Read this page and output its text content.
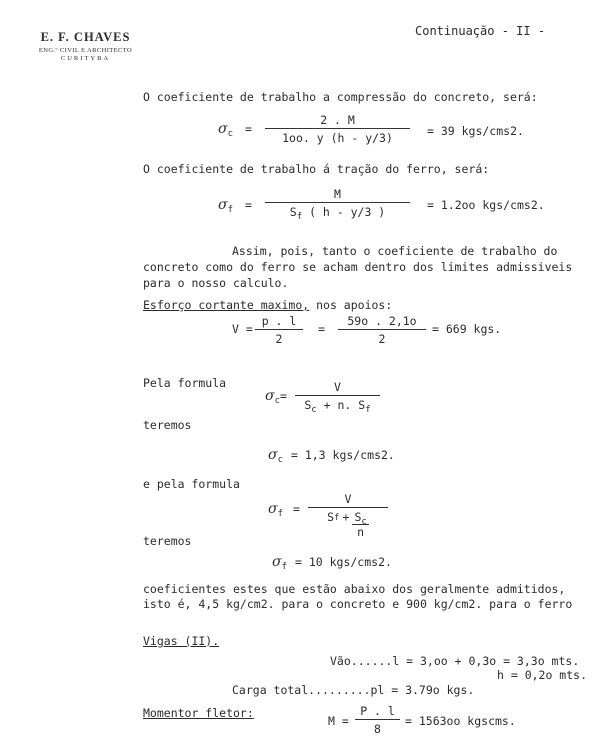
E. F. CHAVES
ENG.º CIVIL E ARCHITECTO
CURITYBA
Continuação - II -
O coeficiente de trabalho a compressão do concreto, será:
σc =
2 . M
1oo. y (h - y/3)	= 39 kgs/cms2.
O coeficiente de trabalho á tração do ferro, será:
σf =
M
$S_f$ ( h - y/3 )	= 1.2oo kgs/cms2.
Assim, pois, tanto o coeficiente de trabalho do
concreto como do ferro se acham dentro dos limites admissiveis
para o nosso calculo.
Esforço cortante maximo, nos apoios:
V =
p . l
2
=
59o . 2,1o
2
= 669 kgs.
Pela formula
σc=
V
$S_c + n$. $S_f$
teremos
σc = 1,3 kgs/cms2.
e pela formula
σf =
V
S $f + \frac{S_c}{n}$
teremos
σf = 10 kgs/cms2.
coeficientes estes que estão abaixo dos geralmente admitidos,
isto é, 4,5 kg/cm2. para o concreto e 900 kg/cm2. para o ferro
Vigas (II).
Vão......l = 3,oo + 0,3o = 3,3o mts.
h = 0,2o mts.
Carga total.........pl = 3.79o kgs.
Momentor fletor:
M =
P . l
8
= 1563oo kgscms.
